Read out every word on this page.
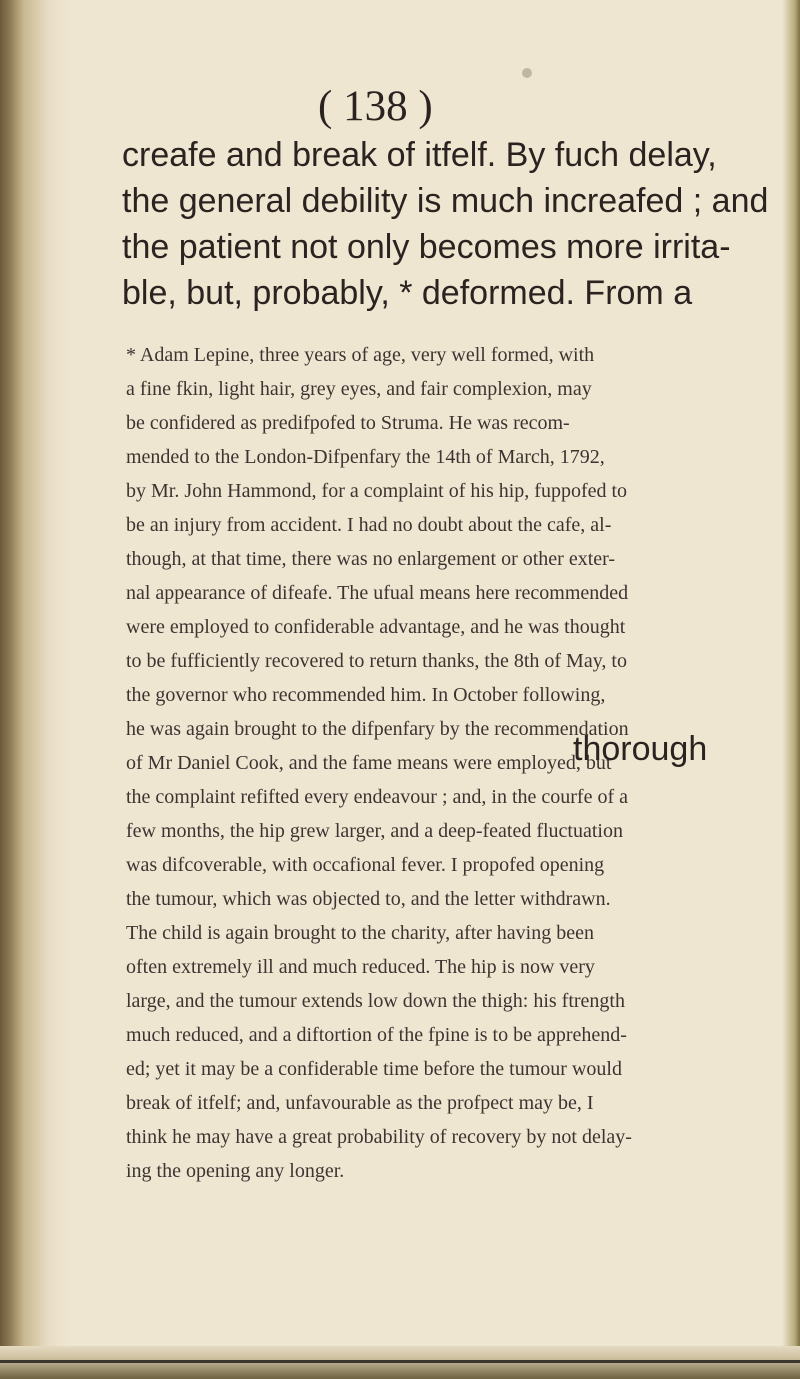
( 138 )
creafe and break of itfelf. By fuch delay,
the general debility is much increafed ; and
the patient not only becomes more irrita-
ble, but, probably, * deformed. From a
* Adam Lepine, three years of age, very well formed, with
a fine fkin, light hair, grey eyes, and fair complexion, may
be confidered as predifpofed to Struma. He was recom-
mended to the London-Difpenfary the 14th of March, 1792,
by Mr. John Hammond, for a complaint of his hip, fuppofed to
be an injury from accident. I had no doubt about the cafe, al-
though, at that time, there was no enlargement or other exter-
nal appearance of difeafe. The ufual means here recommended
were employed to confiderable advantage, and he was thought
to be fufficiently recovered to return thanks, the 8th of May, to
the governor who recommended him. In October following,
he was again brought to the difpenfary by the recommendation
of Mr Daniel Cook, and the fame means were employed, but
the complaint refifted every endeavour ; and, in the courfe of a
few months, the hip grew larger, and a deep-feated fluctuation
was difcoverable, with occafional fever. I propofed opening
the tumour, which was objected to, and the letter withdrawn.
The child is again brought to the charity, after having been
often extremely ill and much reduced. The hip is now very
large, and the tumour extends low down the thigh: his ftrength
much reduced, and a diftortion of the fpine is to be apprehend-
ed; yet it may be a confiderable time before the tumour would
break of itfelf; and, unfavourable as the profpect may be, I
think he may have a great probability of recovery by not delay-
ing the opening any longer.
thorough
